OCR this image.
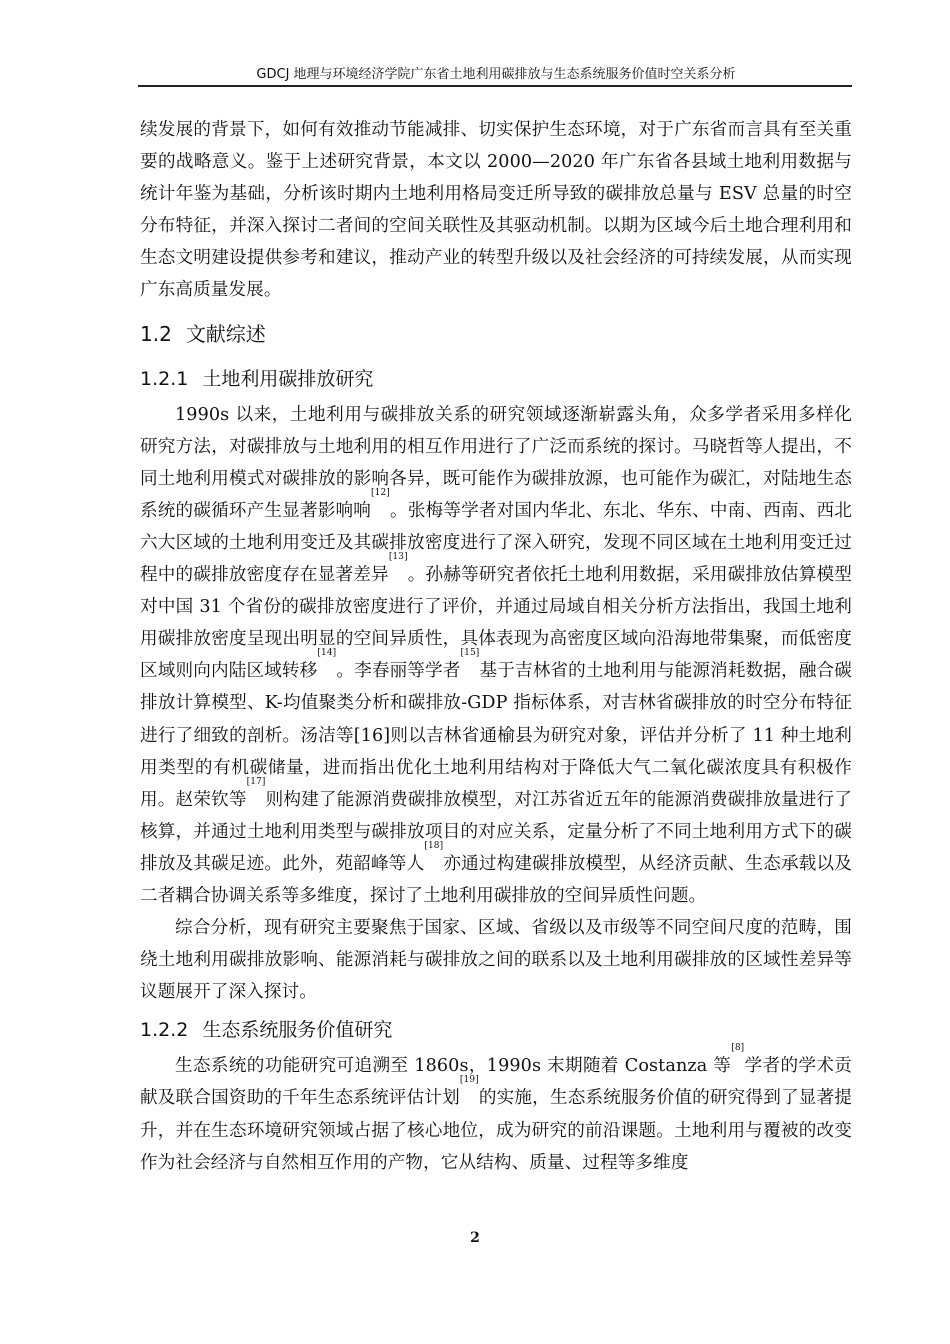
GDCJ 地理与环境经济学院广东省土地利用碳排放与生态系统服务价值时空关系分析

续发展的背景下，如何有效推动节能减排、切实保护生态环境，对于广东省而言具有至关重要的战略意义。鉴于上述研究背景，本文以 2000—2020 年广东省各县域土地利用数据与统计年鉴为基础，分析该时期内土地利用格局变迁所导致的碳排放总量与 ESV 总量的时空分布特征，并深入探讨二者间的空间关联性及其驱动机制。以期为区域今后土地合理利用和生态文明建设提供参考和建议，推动产业的转型升级以及社会经济的可持续发展，从而实现广东高质量发展。

1.2 文献综述
1.2.1 土地利用碳排放研究

1990s 以来，土地利用与碳排放关系的研究领域逐渐崭露头角，众多学者采用多样化研究方法，对碳排放与土地利用的相互作用进行了广泛而系统的探讨。马晓哲等人提出，不同土地利用模式对碳排放的影响各异，既可能作为碳排放源，也可能作为碳汇，对陆地生态系统的碳循环产生显著影响响[12]。张梅等学者对国内华北、东北、华东、中南、西南、西北六大区域的土地利用变迁及其碳排放密度进行了深入研究，发现不同区域在土地利用变迁过程中的碳排放密度存在显著差异[13]。孙赫等研究者依托土地利用数据，采用碳排放估算模型对中国 31 个省份的碳排放密度进行了评价，并通过局域自相关分析方法指出，我国土地利用碳排放密度呈现出明显的空间异质性，具体表现为高密度区域向沿海地带集聚，而低密度区域则向内陆区域转移[14]。李春丽等学者[15]基于吉林省的土地利用与能源消耗数据，融合碳排放计算模型、K-均值聚类分析和碳排放-GDP 指标体系，对吉林省碳排放的时空分布特征进行了细致的剖析。汤洁等[16]则以吉林省通榆县为研究对象，评估并分析了 11 种土地利用类型的有机碳储量，进而指出优化土地利用结构对于降低大气二氧化碳浓度具有积极作用。赵荣钦等[17]则构建了能源消费碳排放模型，对江苏省近五年的能源消费碳排放量进行了核算，并通过土地利用类型与碳排放项目的对应关系，定量分析了不同土地利用方式下的碳排放及其碳足迹。此外，苑韶峰等人[18]亦通过构建碳排放模型，从经济贡献、生态承载以及二者耦合协调关系等多维度，探讨了土地利用碳排放的空间异质性问题。

综合分析，现有研究主要聚焦于国家、区域、省级以及市级等不同空间尺度的范畴，围绕土地利用碳排放影响、能源消耗与碳排放之间的联系以及土地利用碳排放的区域性差异等议题展开了深入探讨。

1.2.2 生态系统服务价值研究

生态系统的功能研究可追溯至 1860s，1990s 末期随着 Costanza 等[8]学者的学术贡献及联合国资助的千年生态系统评估计划[19]的实施，生态系统服务价值的研究得到了显著提升，并在生态环境研究领域占据了核心地位，成为研究的前沿课题。土地利用与覆被的改变作为社会经济与自然相互作用的产物，它从结构、质量、过程等多维度

2
